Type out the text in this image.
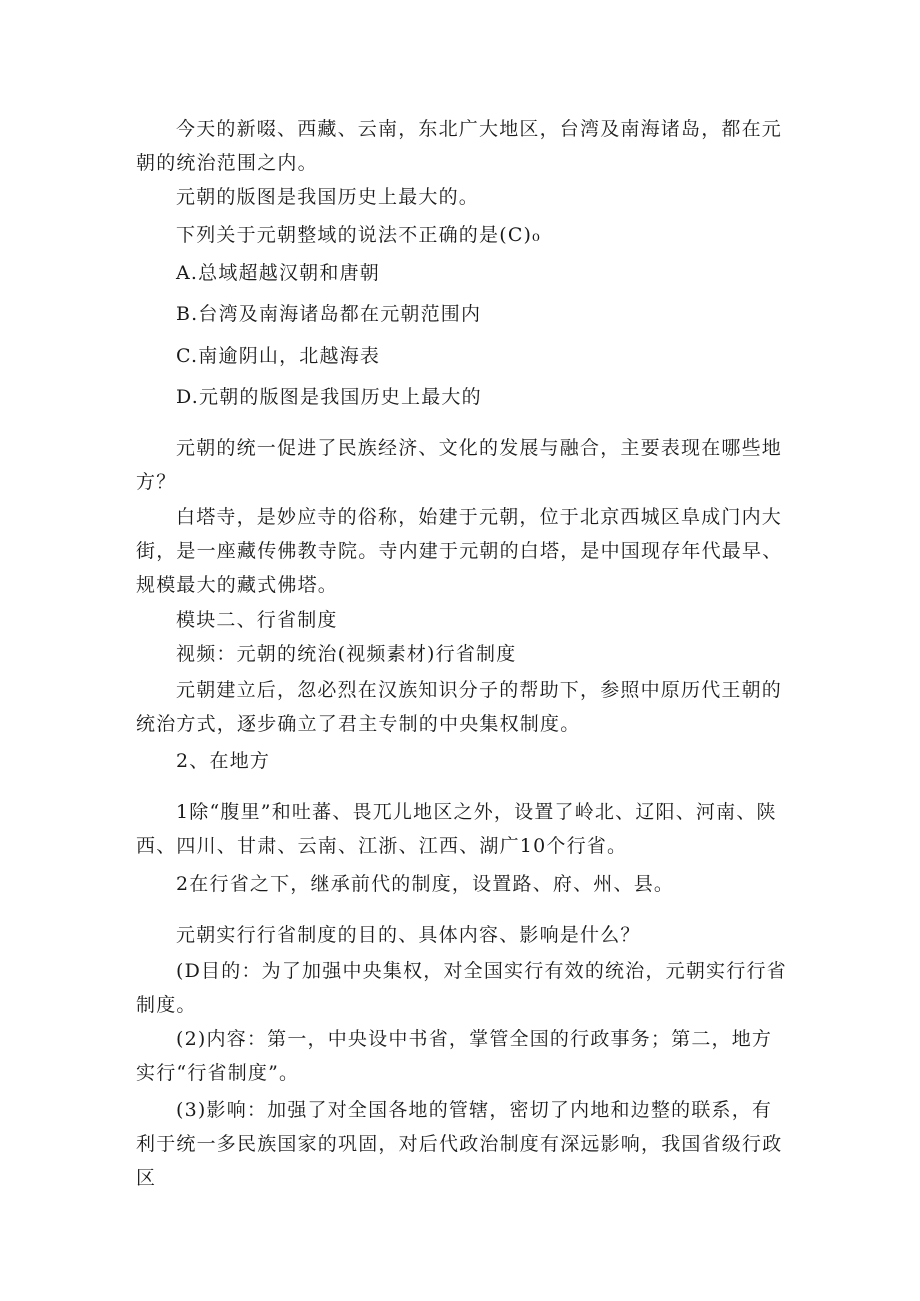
今天的新啜、西藏、云南，东北广大地区，台湾及南海诸岛，都在元朝的统治范围之内。

元朝的版图是我国历史上最大的。

下列关于元朝整域的说法不正确的是(C)₀

A.总域超越汉朝和唐朝

B.台湾及南海诸岛都在元朝范围内

C.南逾阴山，北越海表

D.元朝的版图是我国历史上最大的

元朝的统一促进了民族经济、文化的发展与融合，主要表现在哪些地方？

白塔寺，是妙应寺的俗称，始建于元朝，位于北京西城区阜成门内大街，是一座藏传佛教寺院。寺内建于元朝的白塔，是中国现存年代最早、规模最大的藏式佛塔。

模块二、行省制度

视频：元朝的统治(视频素材)行省制度

元朝建立后，忽必烈在汉族知识分子的帮助下，参照中原历代王朝的统治方式，逐步确立了君主专制的中央集权制度。

2、在地方

1除“腹里”和吐蕃、畏兀儿地区之外，设置了岭北、辽阳、河南、陕西、四川、甘肃、云南、江浙、江西、湖广10个行省。

2在行省之下，继承前代的制度，设置路、府、州、县。

元朝实行行省制度的目的、具体内容、影响是什么？

(D目的：为了加强中央集权，对全国实行有效的统治，元朝实行行省制度。

(2)内容：第一，中央设中书省，掌管全国的行政事务；第二，地方实行“行省制度”。

(3)影响：加强了对全国各地的管辖，密切了内地和边整的联系，有利于统一多民族国家的巩固，对后代政治制度有深远影响，我国省级行政区
